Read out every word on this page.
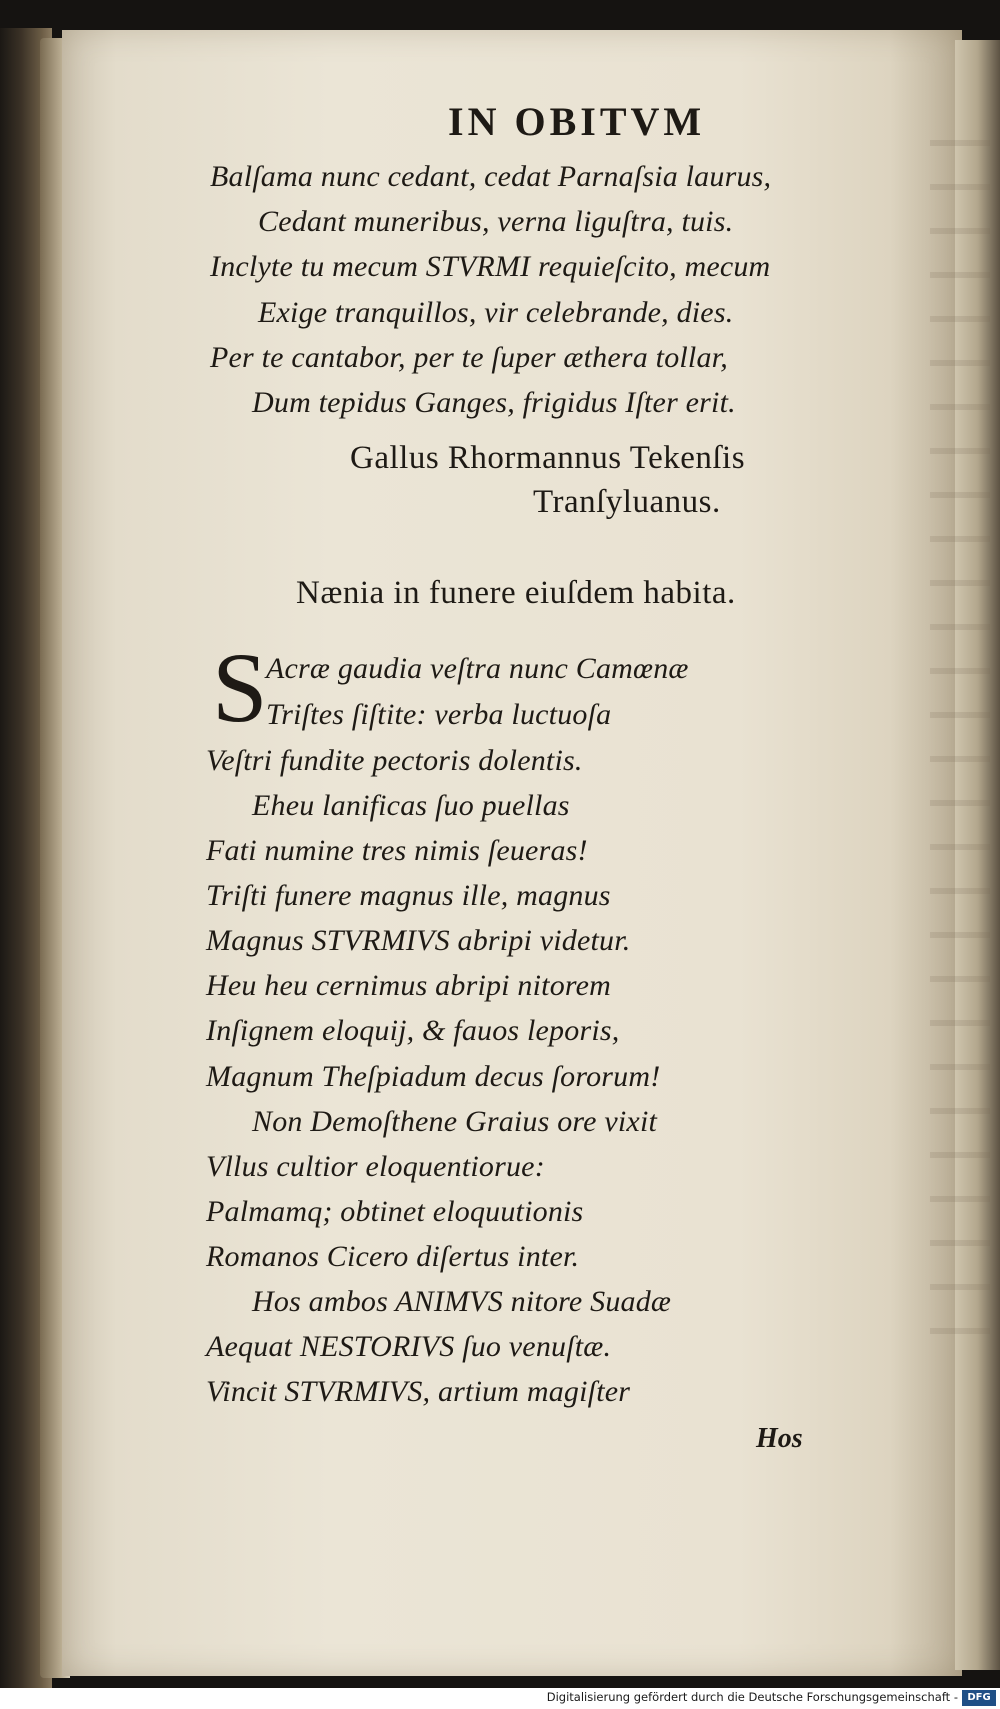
IN OBITVM
Balſama nunc cedant, cedat Parnaſsia laurus,
Cedant muneribus, verna liguſtra, tuis.
Inclyte tu mecum STVRMI requieſcito, mecum
Exige tranquillos, vir celebrande, dies.
Per te cantabor, per te ſuper æthera tollar,
Dum tepidus Ganges, frigidus Iſter erit.
Gallus Rhormannus Tekenſis
Tranſyluanus.
Nænia in funere eiuſdem habita.
S
Acræ gaudia veſtra nunc Camœnæ
Triſtes ſiſtite: verba luctuoſa
Veſtri fundite pectoris dolentis.
Eheu lanificas ſuo puellas
Fati numine tres nimis ſeueras!
Triſti funere magnus ille, magnus
Magnus STVRMIVS abripi videtur.
Heu heu cernimus abripi nitorem
Inſignem eloquij, & fauos leporis,
Magnum Theſpiadum decus ſororum!
Non Demoſthene Graius ore vixit
Vllus cultior eloquentiorue:
Palmamq; obtinet eloquutionis
Romanos Cicero diſertus inter.
Hos ambos ANIMVS nitore Suadæ
Aequat NESTORIVS ſuo venuſtæ.
Vincit STVRMIVS, artium magiſter
Hos
Digitalisierung gefördert durch die Deutsche Forschungsgemeinschaft - DFG
